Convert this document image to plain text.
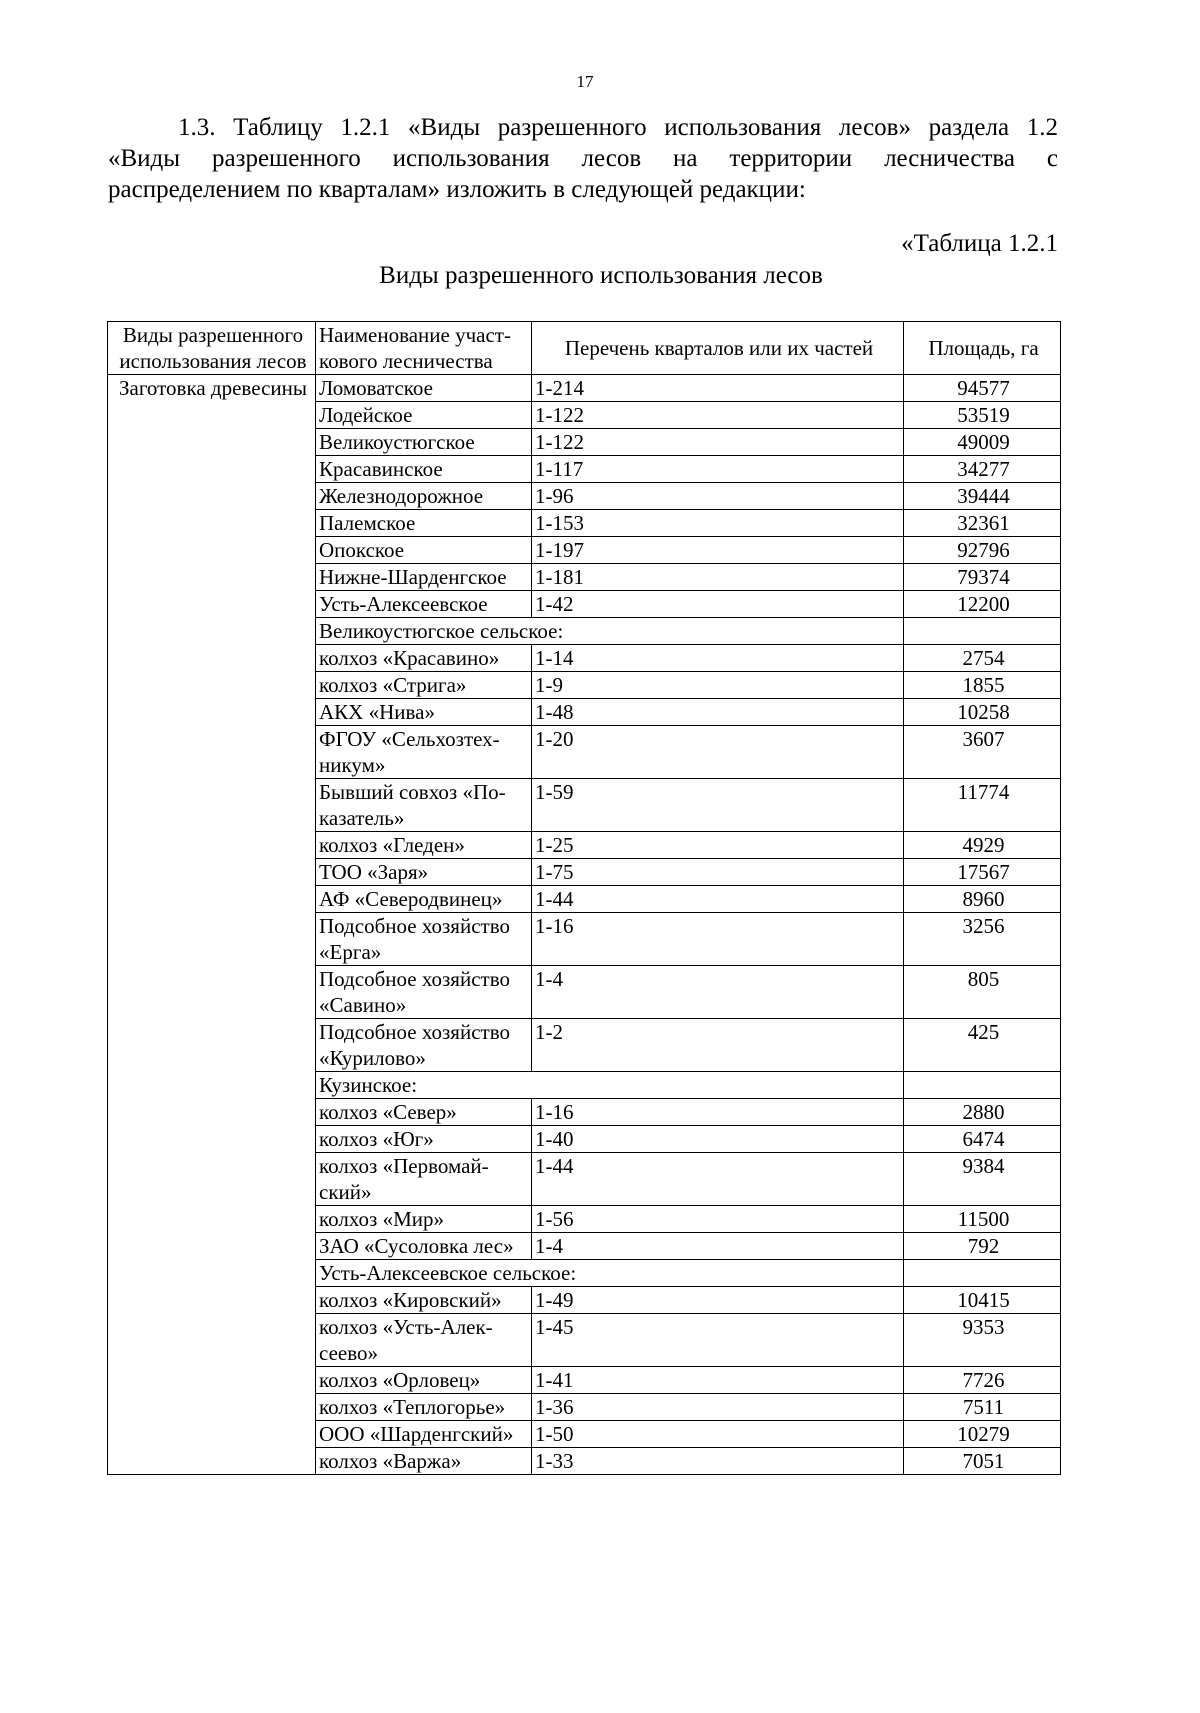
17
1.3. Таблицу 1.2.1 «Виды разрешенного использования лесов» раздела 1.2
«Виды разрешенного использования лесов на территории лесничества с
распределением по кварталам» изложить в следующей редакции:
«Таблица 1.2.1
Виды разрешенного использования лесов
Виды разрешенного использования лесов	Наименование участ- кового лесничества	Перечень кварталов или их частей	Площадь, га
Заготовка древесины	Ломоватское	1-214	94577
	Лодейское	1-122	53519
	Великоустюгское	1-122	49009
	Красавинское	1-117	34277
	Железнодорожное	1-96	39444
	Палемское	1-153	32361
	Опокское	1-197	92796
	Нижне-Шарденгское	1-181	79374
	Усть-Алексеевское	1-42	12200
	Великоустюгское сельское:		
	колхоз «Красавино»	1-14	2754
	колхоз «Стрига»	1-9	1855
	АКХ «Нива»	1-48	10258
	ФГОУ «Сельхозтех- никум»	1-20	3607
	Бывший совхоз «По- казатель»	1-59	11774
	колхоз «Гледен»	1-25	4929
	ТОО «Заря»	1-75	17567
	АФ «Северодвинец»	1-44	8960
	Подсобное хозяйство «Ерга»	1-16	3256
	Подсобное хозяйство «Савино»	1-4	805
	Подсобное хозяйство «Курилово»	1-2	425
	Кузинское:		
	колхоз «Север»	1-16	2880
	колхоз «Юг»	1-40	6474
	колхоз «Первомай- ский»	1-44	9384
	колхоз «Мир»	1-56	11500
	ЗАО «Сусоловка лес»	1-4	792
	Усть-Алексеевское сельское:		
	колхоз «Кировский»	1-49	10415
	колхоз «Усть-Алек- сеево»	1-45	9353
	колхоз «Орловец»	1-41	7726
	колхоз «Теплогорье»	1-36	7511
	ООО «Шарденгский»	1-50	10279
	колхоз «Варжа»	1-33	7051
